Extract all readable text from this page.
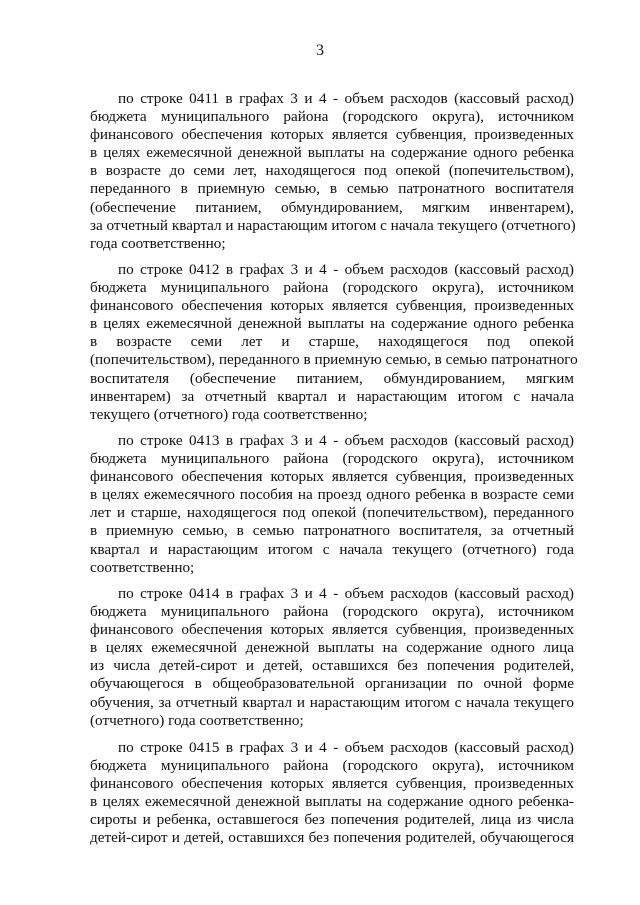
3
по строке 0411 в графах 3 и 4 - объем расходов (кассовый расход)
бюджета муниципального района (городского округа), источником
финансового обеспечения которых является субвенция, произведенных
в целях ежемесячной денежной выплаты на содержание одного ребенка
в возрасте до семи лет, находящегося под опекой (попечительством),
переданного в приемную семью, в семью патронатного воспитателя
(обеспечение питанием, обмундированием, мягким инвентарем),
за отчетный квартал и нарастающим итогом с начала текущего (отчетного)
года соответственно;
по строке 0412 в графах 3 и 4 - объем расходов (кассовый расход)
бюджета муниципального района (городского округа), источником
финансового обеспечения которых является субвенция, произведенных
в целях ежемесячной денежной выплаты на содержание одного ребенка
в возрасте семи лет и старше, находящегося под опекой
(попечительством), переданного в приемную семью, в семью патронатного
воспитателя (обеспечение питанием, обмундированием, мягким
инвентарем) за отчетный квартал и нарастающим итогом с начала
текущего (отчетного) года соответственно;
по строке 0413 в графах 3 и 4 - объем расходов (кассовый расход)
бюджета муниципального района (городского округа), источником
финансового обеспечения которых является субвенция, произведенных
в целях ежемесячного пособия на проезд одного ребенка в возрасте семи
лет и старше, находящегося под опекой (попечительством), переданного
в приемную семью, в семью патронатного воспитателя, за отчетный
квартал и нарастающим итогом с начала текущего (отчетного) года
соответственно;
по строке 0414 в графах 3 и 4 - объем расходов (кассовый расход)
бюджета муниципального района (городского округа), источником
финансового обеспечения которых является субвенция, произведенных
в целях ежемесячной денежной выплаты на содержание одного лица
из числа детей-сирот и детей, оставшихся без попечения родителей,
обучающегося в общеобразовательной организации по очной форме
обучения, за отчетный квартал и нарастающим итогом с начала текущего
(отчетного) года соответственно;
по строке 0415 в графах 3 и 4 - объем расходов (кассовый расход)
бюджета муниципального района (городского округа), источником
финансового обеспечения которых является субвенция, произведенных
в целях ежемесячной денежной выплаты на содержание одного ребенка-
сироты и ребенка, оставшегося без попечения родителей, лица из числа
детей-сирот и детей, оставшихся без попечения родителей, обучающегося
